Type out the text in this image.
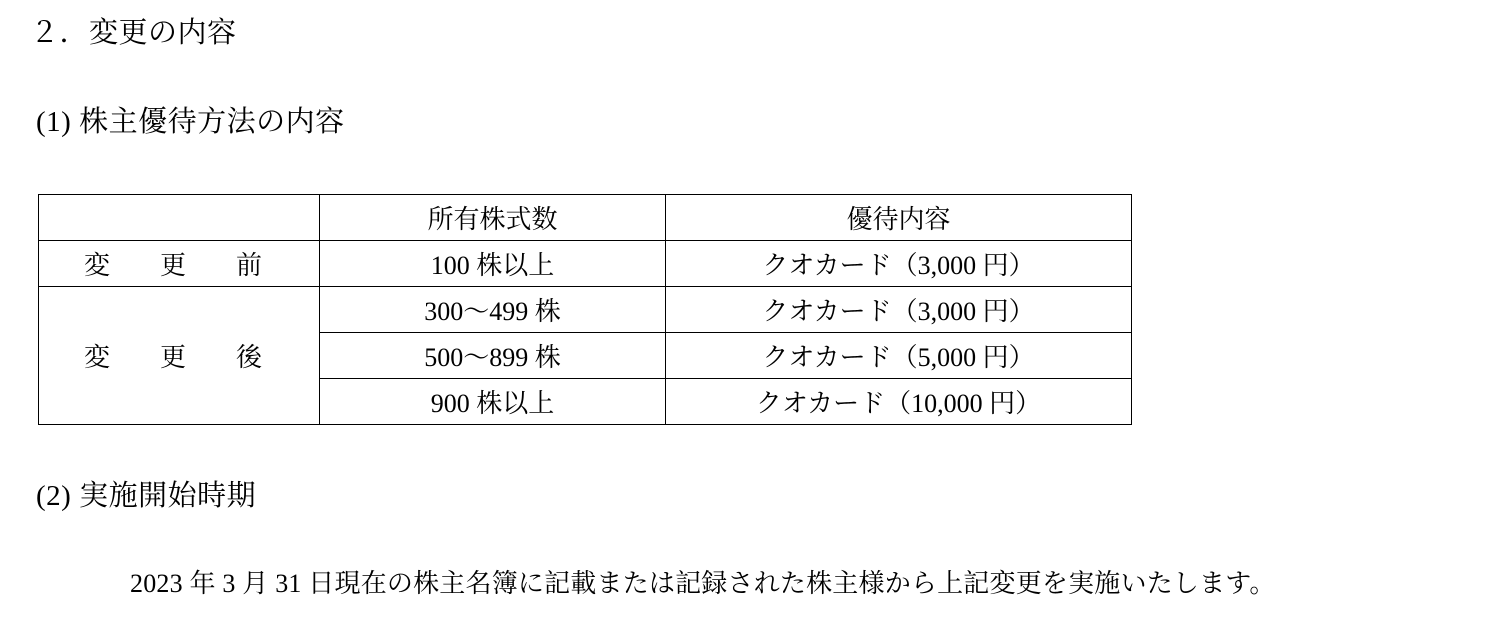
２．変更の内容
(1) 株主優待方法の内容
	所有株式数	優待内容
変　更　前	100 株以上	クオカード（3,000 円）
変　更　後	300〜499 株	クオカード（3,000 円）
	500〜899 株	クオカード（5,000 円）
	900 株以上	クオカード（10,000 円）
(2) 実施開始時期
2023 年 3 月 31 日現在の株主名簿に記載または記録された株主様から上記変更を実施いたします。
